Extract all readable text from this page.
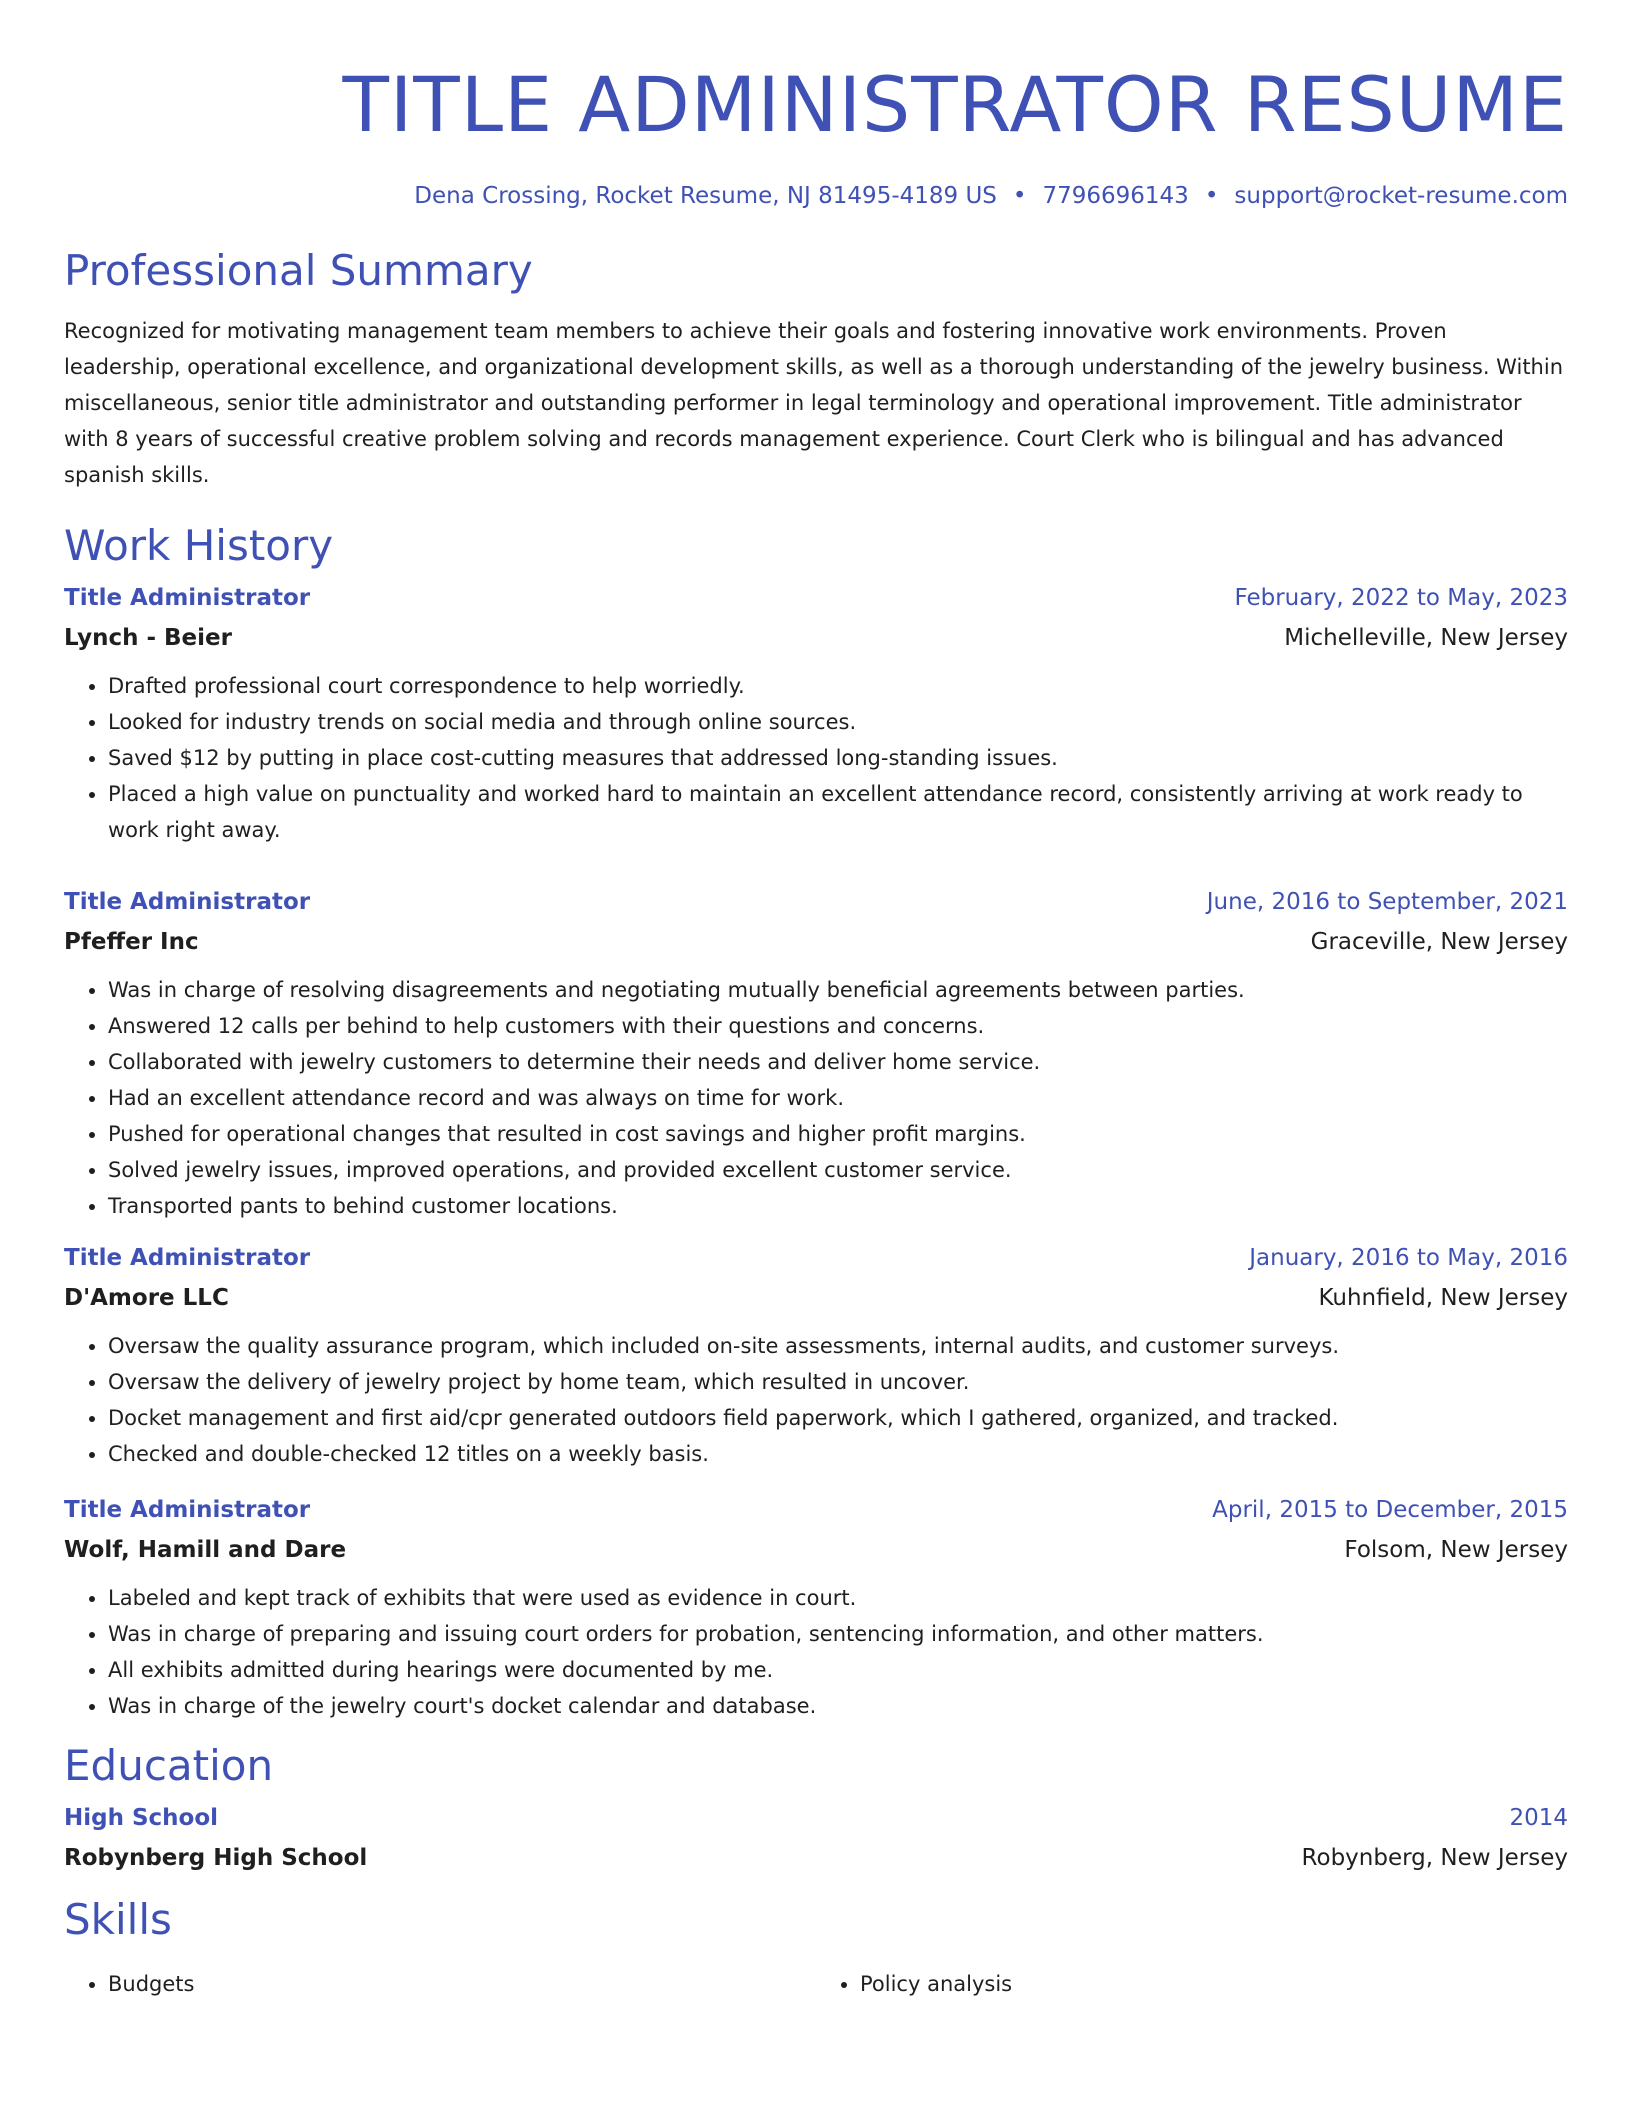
TITLE ADMINISTRATOR RESUME
Dena Crossing, Rocket Resume, NJ 81495-4189 US • 7796696143 • support@rocket-resume.com
Professional Summary

Recognized for motivating management team members to achieve their goals and fostering innovative work environments. Proven leadership, operational excellence, and organizational development skills, as well as a thorough understanding of the jewelry business. Within miscellaneous, senior title administrator and outstanding performer in legal terminology and operational improvement. Title administrator with 8 years of successful creative problem solving and records management experience. Court Clerk who is bilingual and has advanced spanish skills.

Work History
Title Administrator	February, 2022 to May, 2023
Lynch - Beier	Michelleville, New Jersey
• Drafted professional court correspondence to help worriedly.
• Looked for industry trends on social media and through online sources.
• Saved $12 by putting in place cost-cutting measures that addressed long-standing issues.
• Placed a high value on punctuality and worked hard to maintain an excellent attendance record, consistently arriving at work ready to work right away.
Title Administrator	June, 2016 to September, 2021
Pfeffer Inc	Graceville, New Jersey
• Was in charge of resolving disagreements and negotiating mutually beneficial agreements between parties.
• Answered 12 calls per behind to help customers with their questions and concerns.
• Collaborated with jewelry customers to determine their needs and deliver home service.
• Had an excellent attendance record and was always on time for work.
• Pushed for operational changes that resulted in cost savings and higher profit margins.
• Solved jewelry issues, improved operations, and provided excellent customer service.
• Transported pants to behind customer locations.
Title Administrator	January, 2016 to May, 2016
D'Amore LLC	Kuhnfield, New Jersey
• Oversaw the quality assurance program, which included on-site assessments, internal audits, and customer surveys.
• Oversaw the delivery of jewelry project by home team, which resulted in uncover.
• Docket management and first aid/cpr generated outdoors field paperwork, which I gathered, organized, and tracked.
• Checked and double-checked 12 titles on a weekly basis.
Title Administrator	April, 2015 to December, 2015
Wolf, Hamill and Dare	Folsom, New Jersey
• Labeled and kept track of exhibits that were used as evidence in court.
• Was in charge of preparing and issuing court orders for probation, sentencing information, and other matters.
• All exhibits admitted during hearings were documented by me.
• Was in charge of the jewelry court's docket calendar and database.
Education
High School	2014
Robynberg High School	Robynberg, New Jersey
Skills
• Budgets
•	Policy analysis
